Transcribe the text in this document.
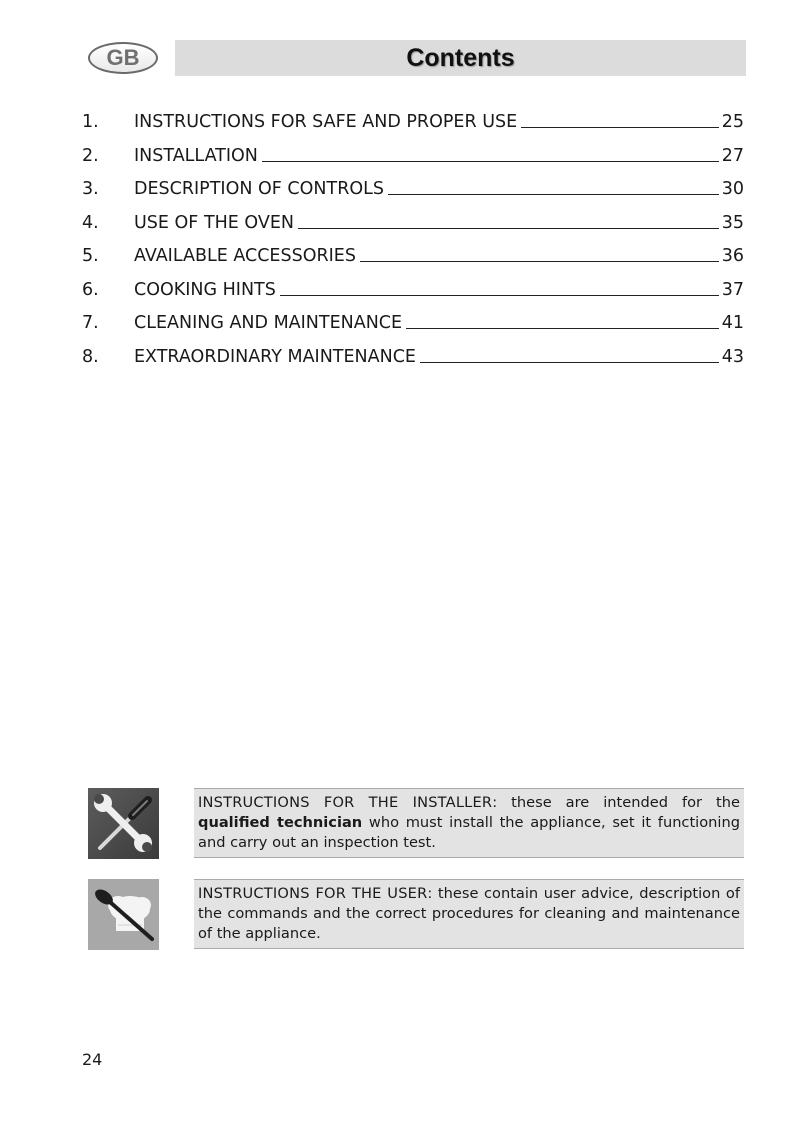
GB	Contents
1.	INSTRUCTIONS FOR SAFE AND PROPER USE	25
2.	INSTALLATION	27
3.	DESCRIPTION OF CONTROLS	30
4.	USE OF THE OVEN	35
5.	AVAILABLE ACCESSORIES	36
6.	COOKING HINTS	37
7.	CLEANING AND MAINTENANCE	41
8.	EXTRAORDINARY MAINTENANCE	43
INSTRUCTIONS FOR THE INSTALLER: these are intended for the qualified technician who must install the appliance, set it functioning and carry out an inspection test.
INSTRUCTIONS FOR THE USER: these contain user advice, description of the commands and the correct procedures for cleaning and maintenance of the appliance.
24
